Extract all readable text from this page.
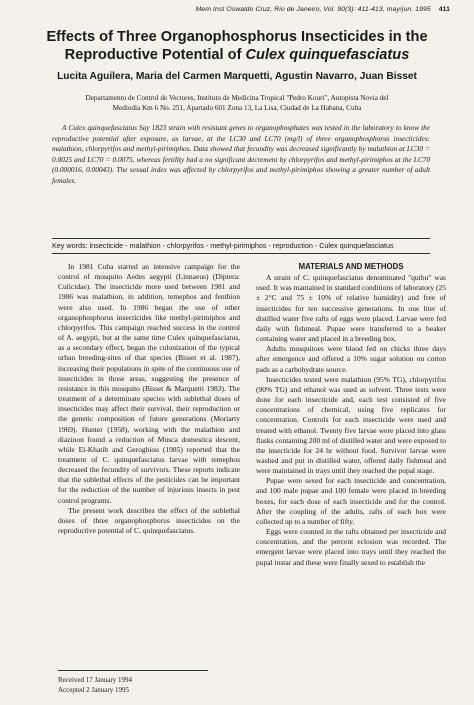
Mem Inst Oswaldo Cruz, Rio de Janeiro, Vol. 90(3): 411-413, may/jun. 1995 411
Effects of Three Organophosphorus Insecticides in the
Reproductive Potential of Culex quinquefasciatus
Lucita Aguilera, Maria del Carmen Marquetti, Agustin Navarro, Juan Bisset
Departamento de Control de Vectores, Instituto de Medicina Tropical "Pedro Kouri", Autopista Novia del
Mediodia Km 6 No. 251, Apartado 601 Zona 13, La Lisa, Ciudad de La Habana, Cuba
A Culex quinquefasciatus Say 1823 strain with resistant genes to organophosphates was tested in the laboratory to know the reproductive potential after exposure, as larvae, at the LC30 and LC70 (mg/l) of three organophosphorus insecticides: malathion, chlorpyrifos and methyl-pirimiphos. Data showed that fecundity was decreased significantly by malathion at LC30 = 0.0025 and LC70 = 0.0075, whereas fertility had a no significant decrement by chlorpyrifos and methyl-pirimiphos at the LC70 (0.000016, 0.00043). The sexual index was affected by chlorpyrifos and methyl-pirimiphos showing a greater number of adult females.
Key words: insecticide - malathion - chlorpyrifos - methyl-pirimiphos - reproduction - Culex quinquefasciatus

In 1981 Cuba started an intensive campaign for the control of mosquito Aedes aegypti (Linnaeus) (Diptera: Culicidae). The insecticide more used between 1981 and 1986 was malathion, in addition, temephos and fenthion were also used. In 1986 began the use of other organophosphorus insecticides like methyl-pirimiphos and chlorpyrifos. This campaign reached success in the control of A. aegypti, but at the same time Culex quinquefasciatus, as a secondary effect, began the colonization of the typical urban breeding-sites of that species (Bisset et al. 1987), increasing their populations in spite of the continuous use of insecticides in those areas, suggesting the presence of resistance in this mosquito (Bisset & Marquetti 1983). The treatment of a determinate species with sublethal doses of insecticides may affect their survival, their reproduction or the genetic composition of future generations (Moriarty 1969). Hunter (1958), working with the malathion and diazinon found a reduction of Musca domestica descent, while El-Khatib and Geroghiou (1985) reported that the treatment of C. quinquefasciatus larvae with temephos decreased the fecundity of survivors. These reports indicate that the sublethal effects of the pesticides can be important for the reduction of the number of injurious insects in pest control programs.

The present work describes the effect of the sublethal doses of three organophosphorus insecticides on the reproductive potential of C. quinquefasciatus.

Received 17 January 1994
Accepted 2 January 1995
MATERIALS AND METHODS

A strain of C. quinquefasciatus denominated "quibu" was used. It was mantained in standard conditions of laboratory (25 ± 2°C and 75 ± 10% of relative humidity) and free of insecticides for ten successive generations. In one liter of distilled water five rafts of eggs were placed. Larvae were fed daily with fishmeal. Pupae were transferred to a beaker containing water and placed in a breeding box.

Adults mosquitoes were blood fed on chicks three days after emergence and offered a 10% sugar solution on cotton pads as a carbohydrate source.

Insecticides tested were malathion (95% TG), chlorpyrifos (90% TG) and ethanol was used as solvent. Three tests were done for each insecticide and, each test consisted of five concentrations of chemical, using five replicates for concentration. Controls for each insecticide were used and treated with ethanol. Twenty five larvae were placed into glass flasks containing 200 ml of distilled water and were exposed to the insecticide for 24 hr without food. Survivor larvae were washed and put in distilled water, offered daily fishmeal and were maintained in trays until they reached the pupal stage.

Pupae were sexed for each insecticide and concentration, and 100 male pupae and 100 female were placed in breeding boxes, for each dose of each insecticide and for the control. After the coupling of the adults, rafts of each box were collected up to a number of fifty.

Eggs were counted in the rafts obtained per insecticide and concentration, and the percent eclosion was recorded. The emergent larvae were placed into trays until they reached the pupal instar and these were finally sexed to establish the
